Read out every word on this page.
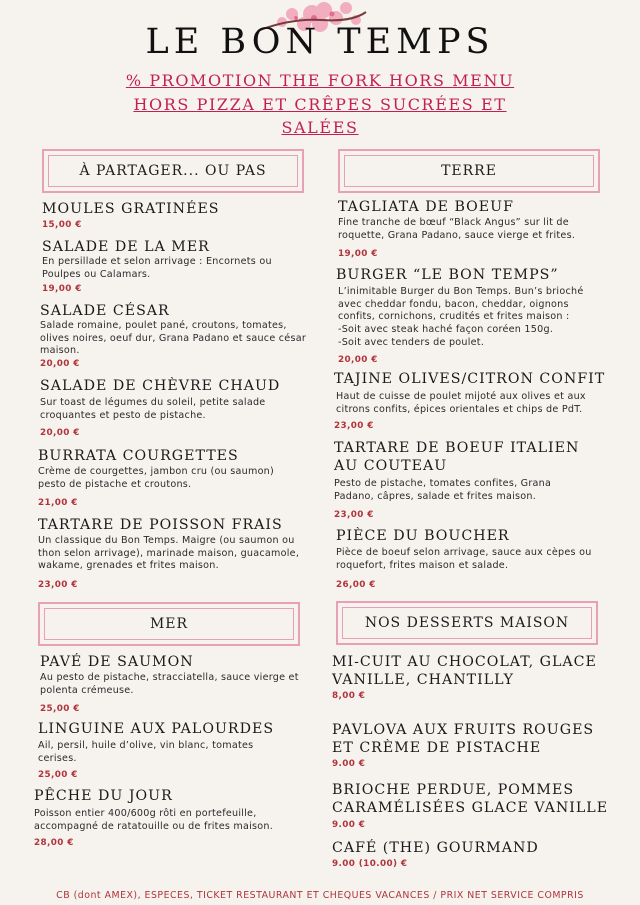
LE BON TEMPS
% PROMOTION THE FORK HORS MENU
HORS PIZZA ET CRÊPES SUCRÉES ET
SALÉES
À PARTAGER... OU PAS	TERRE
MER	NOS DESSERTS MAISON
MOULES GRATINÉES
15,00 €
SALADE DE LA MER
En persillade et selon arrivage : Encornets ou Poulpes ou Calamars.
19,00 €
SALADE CÉSAR
Salade romaine, poulet pané, croutons, tomates, olives noires, oeuf dur, Grana Padano et sauce césar maison.
20,00 €
SALADE DE CHÈVRE CHAUD
Sur toast de légumes du soleil, petite salade croquantes et pesto de pistache.
20,00 €
BURRATA COURGETTES
Crème de courgettes, jambon cru (ou saumon) pesto de pistache et croutons.
21,00 €
TARTARE DE POISSON FRAIS
Un classique du Bon Temps. Maigre (ou saumon ou thon selon arrivage), marinade maison, guacamole, wakame, grenades et frites maison.
23,00 €
TAGLIATA DE BOEUF
Fine tranche de bœuf “Black Angus” sur lit de roquette, Grana Padano, sauce vierge et frites.
19,00 €
BURGER “LE BON TEMPS”
L’inimitable Burger du Bon Temps. Bun’s brioché avec cheddar fondu, bacon, cheddar, oignons confits, cornichons, crudités et frites maison :
-Soit avec steak haché façon coréen 150g.
-Soit avec tenders de poulet.
20,00 €
TAJINE OLIVES/CITRON CONFIT
Haut de cuisse de poulet mijoté aux olives et aux citrons confits, épices orientales et chips de PdT.
23,00 €
TARTARE DE BOEUF ITALIEN AU COUTEAU
Pesto de pistache, tomates confites, Grana Padano, câpres, salade et frites maison.
23,00 €
PIÈCE DU BOUCHER
Pièce de boeuf selon arrivage, sauce aux cèpes ou roquefort, frites maison et salade.
26,00 €
PAVÉ DE SAUMON
Au pesto de pistache, stracciatella, sauce vierge et polenta crémeuse.
25,00 €
LINGUINE AUX PALOURDES
Ail, persil, huile d’olive, vin blanc, tomates cerises.
25,00 €
PÊCHE DU JOUR
Poisson entier 400/600g rôti en portefeuille, accompagné de ratatouille ou de frites maison.
28,00 €
MI-CUIT AU CHOCOLAT, GLACE VANILLE, CHANTILLY
8,00 €
PAVLOVA AUX FRUITS ROUGES ET CRÈME DE PISTACHE
9.00 €
BRIOCHE PERDUE, POMMES CARAMÉLISÉES GLACE VANILLE
9.00 €
CAFÉ (THE) GOURMAND
9.00 (10.00) €
CB (dont AMEX), ESPECES, TICKET RESTAURANT ET CHEQUES VACANCES / PRIX NET SERVICE COMPRIS
